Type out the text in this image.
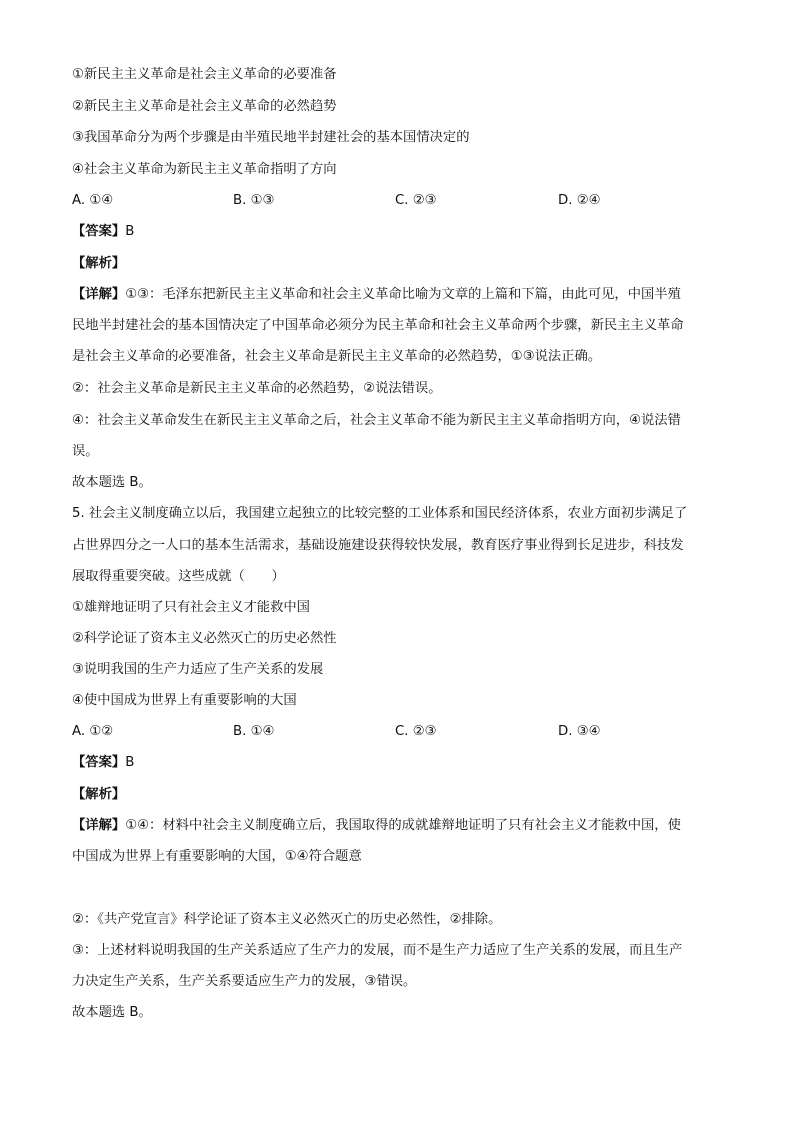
①新民主主义革命是社会主义革命的必要准备
②新民主主义革命是社会主义革命的必然趋势
③我国革命分为两个步骤是由半殖民地半封建社会的基本国情决定的
④社会主义革命为新民主主义革命指明了方向
A. ①④	B. ①③	C. ②③	D. ②④
【答案】B
【解析】
【详解】①③：毛泽东把新民主主义革命和社会主义革命比喻为文章的上篇和下篇，由此可见，中国半殖
民地半封建社会的基本国情决定了中国革命必须分为民主革命和社会主义革命两个步骤，新民主主义革命
是社会主义革命的必要准备，社会主义革命是新民主主义革命的必然趋势，①③说法正确。
②：社会主义革命是新民主主义革命的必然趋势，②说法错误。
④：社会主义革命发生在新民主主义革命之后，社会主义革命不能为新民主主义革命指明方向，④说法错
误。
故本题选 B。
5. 社会主义制度确立以后，我国建立起独立的比较完整的工业体系和国民经济体系，农业方面初步满足了
占世界四分之一人口的基本生活需求，基础设施建设获得较快发展，教育医疗事业得到长足进步，科技发
展取得重要突破。这些成就（　　）
①雄辩地证明了只有社会主义才能救中国
②科学论证了资本主义必然灭亡的历史必然性
③说明我国的生产力适应了生产关系的发展
④使中国成为世界上有重要影响的大国
A. ①②	B. ①④	C. ②③	D. ③④
【答案】B
【解析】
【详解】①④：材料中社会主义制度确立后，我国取得的成就雄辩地证明了只有社会主义才能救中国，使
中国成为世界上有重要影响的大国，①④符合题意
②：《共产党宣言》科学论证了资本主义必然灭亡的历史必然性，②排除。
③：上述材料说明我国的生产关系适应了生产力的发展，而不是生产力适应了生产关系的发展，而且生产
力决定生产关系，生产关系要适应生产力的发展，③错误。
故本题选 B。
